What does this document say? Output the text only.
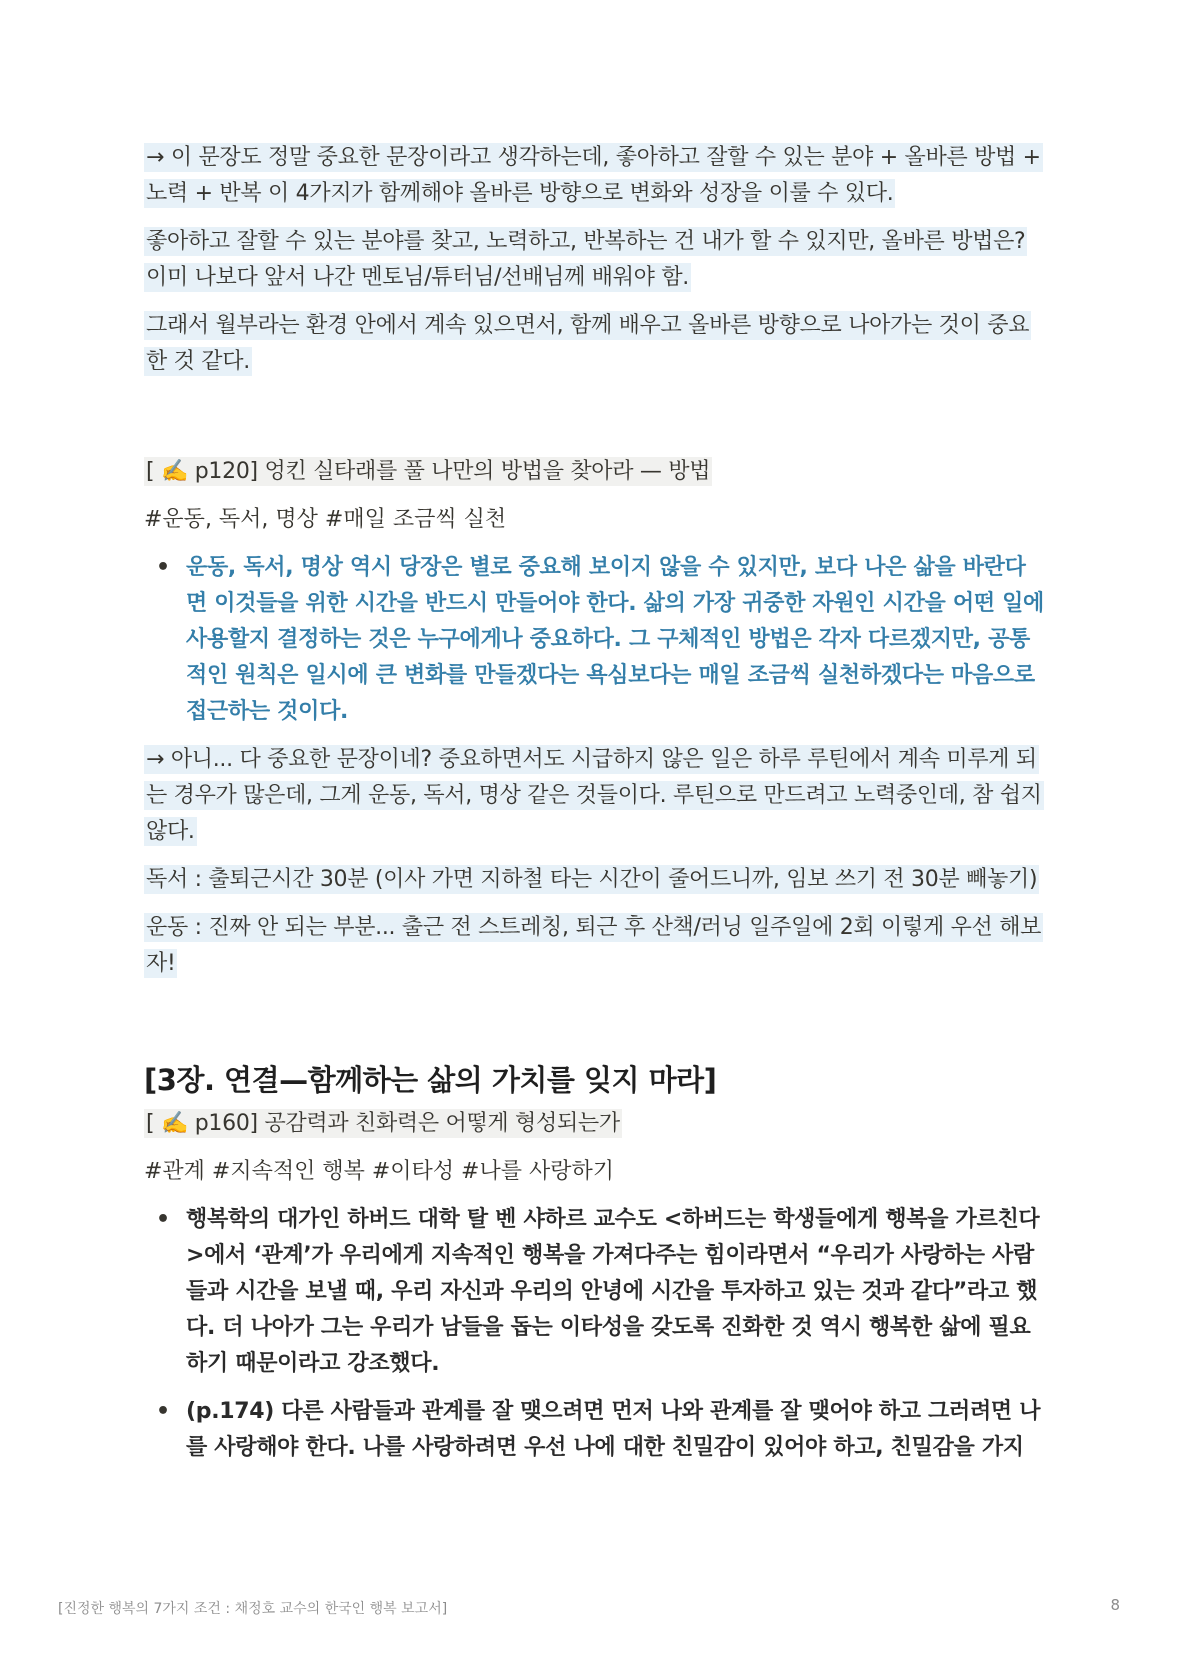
→ 이 문장도 정말 중요한 문장이라고 생각하는데, 좋아하고 잘할 수 있는 분야 + 올바른 방법 + 노력 + 반복 이 4가지가 함께해야 올바른 방향으로 변화와 성장을 이룰 수 있다.

좋아하고 잘할 수 있는 분야를 찾고, 노력하고, 반복하는 건 내가 할 수 있지만, 올바른 방법은? 이미 나보다 앞서 나간 멘토님/튜터님/선배님께 배워야 함.

그래서 월부라는 환경 안에서 계속 있으면서, 함께 배우고 올바른 방향으로 나아가는 것이 중요한 것 같다.

[ ✍️ p120] 엉킨 실타래를 풀 나만의 방법을 찾아라 — 방법

#운동, 독서, 명상 #매일 조금씩 실천

• 운동, 독서, 명상 역시 당장은 별로 중요해 보이지 않을 수 있지만, 보다 나은 삶을 바란다면 이것들을 위한 시간을 반드시 만들어야 한다. 삶의 가장 귀중한 자원인 시간을 어떤 일에 사용할지 결정하는 것은 누구에게나 중요하다. 그 구체적인 방법은 각자 다르겠지만, 공통적인 원칙은 일시에 큰 변화를 만들겠다는 욕심보다는 매일 조금씩 실천하겠다는 마음으로 접근하는 것이다.

→ 아니... 다 중요한 문장이네? 중요하면서도 시급하지 않은 일은 하루 루틴에서 계속 미루게 되는 경우가 많은데, 그게 운동, 독서, 명상 같은 것들이다. 루틴으로 만드려고 노력중인데, 참 쉽지 않다.

독서 : 출퇴근시간 30분 (이사 가면 지하철 타는 시간이 줄어드니까, 임보 쓰기 전 30분 빼놓기)

운동 : 진짜 안 되는 부분... 출근 전 스트레칭, 퇴근 후 산책/러닝 일주일에 2회 이렇게 우선 해보자!

[3장. 연결—함께하는 삶의 가치를 잊지 마라]

[ ✍️ p160] 공감력과 친화력은 어떻게 형성되는가

#관계 #지속적인 행복 #이타성 #나를 사랑하기

• 행복학의 대가인 하버드 대학 탈 벤 샤하르 교수도 <하버드는 학생들에게 행복을 가르친다>에서 ‘관계’가 우리에게 지속적인 행복을 가져다주는 힘이라면서 “우리가 사랑하는 사람들과 시간을 보낼 때, 우리 자신과 우리의 안녕에 시간을 투자하고 있는 것과 같다”라고 했다. 더 나아가 그는 우리가 남들을 돕는 이타성을 갖도록 진화한 것 역시 행복한 삶에 필요하기 때문이라고 강조했다.
• (p.174) 다른 사람들과 관계를 잘 맺으려면 먼저 나와 관계를 잘 맺어야 하고 그러려면 나를 사랑해야 한다. 나를 사랑하려면 우선 나에 대한 친밀감이 있어야 하고, 친밀감을 가지
[진정한 행복의 7가지 조건 : 채정호 교수의 한국인 행복 보고서]	8
